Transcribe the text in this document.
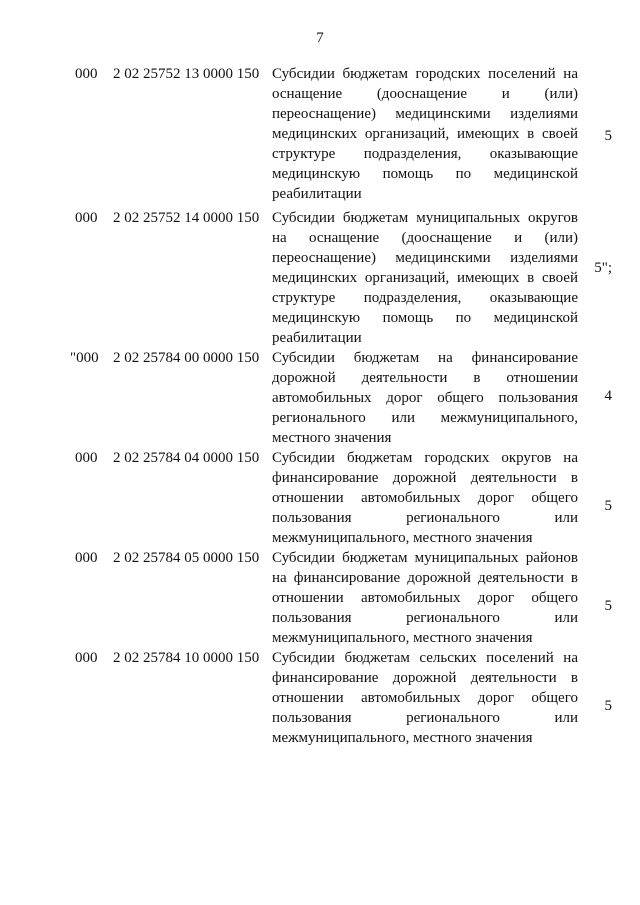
7
000 2 02 25752 13 0000 150 Субсидии бюджетам городских поселений на оснащение (дооснащение и (или) переоснащение) медицинскими изделиями медицинских организаций, имеющих в своей структуре подразделения, оказывающие медицинскую помощь по медицинской реабилитации
5
000 2 02 25752 14 0000 150 Субсидии бюджетам муниципальных округов на оснащение (дооснащение и (или) переоснащение) медицинскими изделиями медицинских организаций, имеющих в своей структуре подразделения, оказывающие медицинскую помощь по медицинской реабилитации
5";
"000 2 02 25784 00 0000 150 Субсидии бюджетам на финансирование дорожной деятельности в отношении автомобильных дорог общего пользования регионального или межмуниципального, местного значения
4
000 2 02 25784 04 0000 150 Субсидии бюджетам городских округов на финансирование дорожной деятельности в отношении автомобильных дорог общего пользования регионального или межмуниципального, местного значения
5
000 2 02 25784 05 0000 150 Субсидии бюджетам муниципальных районов на финансирование дорожной деятельности в отношении автомобильных дорог общего пользования регионального или межмуниципального, местного значения
5
000 2 02 25784 10 0000 150 Субсидии бюджетам сельских поселений на финансирование дорожной деятельности в отношении автомобильных дорог общего пользования регионального или межмуниципального, местного значения
5
